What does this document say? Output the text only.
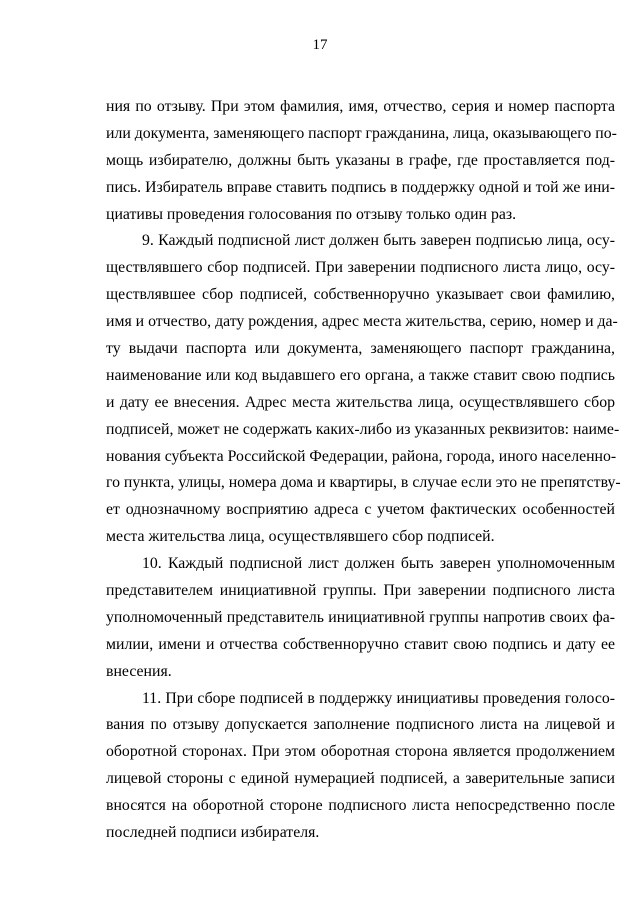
17

ния по отзыву. При этом фамилия, имя, отчество, серия и номер паспорта
или документа, заменяющего паспорт гражданина, лица, оказывающего по-
мощь избирателю, должны быть указаны в графе, где проставляется под-
пись. Избиратель вправе ставить подпись в поддержку одной и той же ини-
циативы проведения голосования по отзыву только один раз.

9. Каждый подписной лист должен быть заверен подписью лица, осу-
ществлявшего сбор подписей. При заверении подписного листа лицо, осу-
ществлявшее сбор подписей, собственноручно указывает свои фамилию,
имя и отчество, дату рождения, адрес места жительства, серию, номер и да-
ту выдачи паспорта или документа, заменяющего паспорт гражданина,
наименование или код выдавшего его органа, а также ставит свою подпись
и дату ее внесения. Адрес места жительства лица, осуществлявшего сбор
подписей, может не содержать каких-либо из указанных реквизитов: наиме-
нования субъекта Российской Федерации, района, города, иного населенно-
го пункта, улицы, номера дома и квартиры, в случае если это не препятству-
ет однозначному восприятию адреса с учетом фактических особенностей
места жительства лица, осуществлявшего сбор подписей.

10. Каждый подписной лист должен быть заверен уполномоченным
представителем инициативной группы. При заверении подписного листа
уполномоченный представитель инициативной группы напротив своих фа-
милии, имени и отчества собственноручно ставит свою подпись и дату ее
внесения.

11. При сборе подписей в поддержку инициативы проведения голосо-
вания по отзыву допускается заполнение подписного листа на лицевой и
оборотной сторонах. При этом оборотная сторона является продолжением
лицевой стороны с единой нумерацией подписей, а заверительные записи
вносятся на оборотной стороне подписного листа непосредственно после
последней подписи избирателя.
